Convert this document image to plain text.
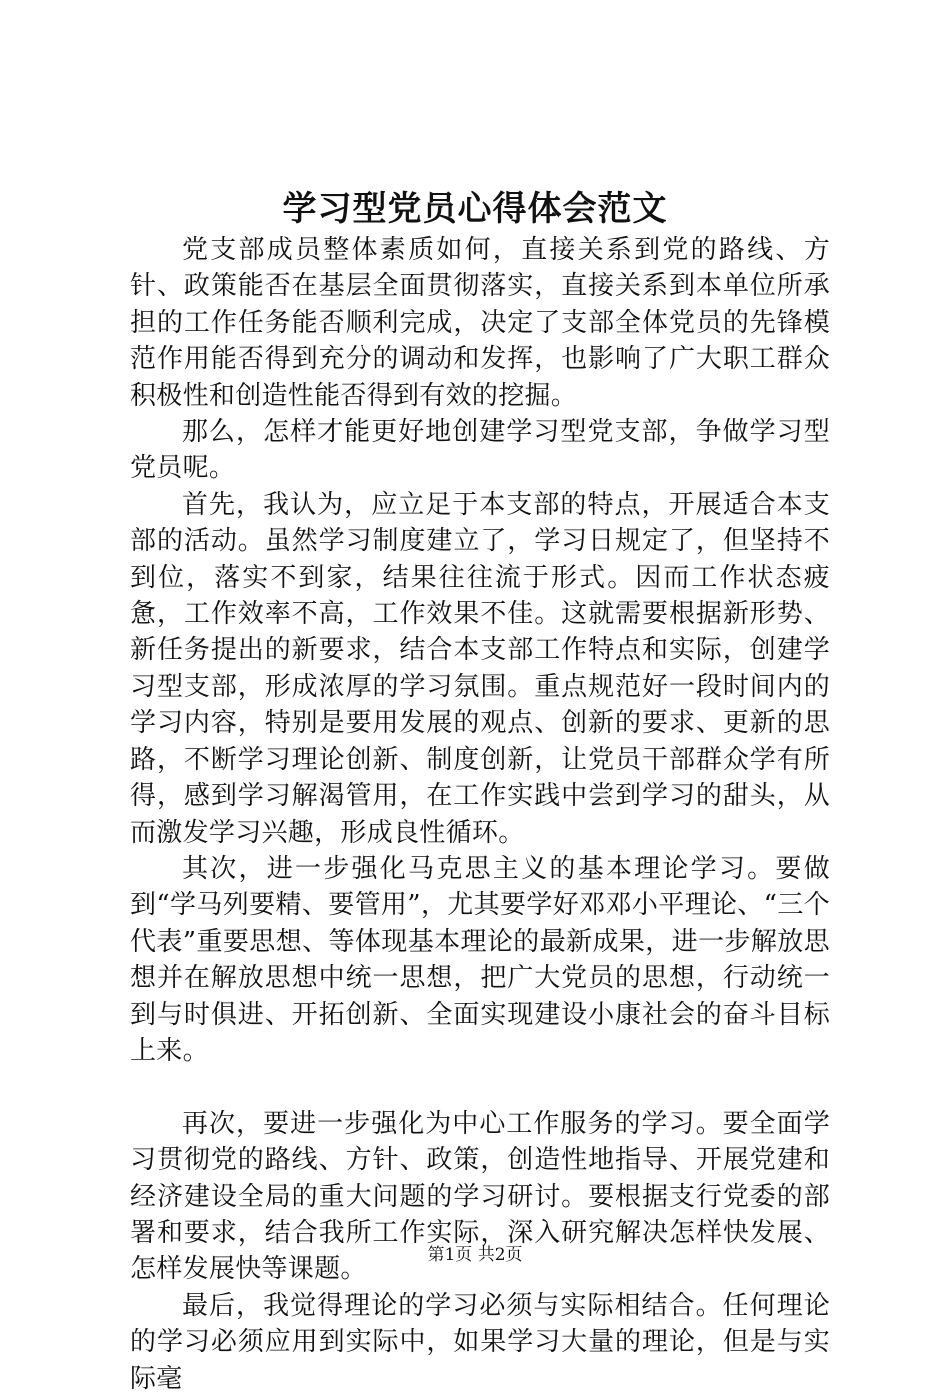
学习型党员心得体会范文

党支部成员整体素质如何，直接关系到党的路线、方针、政策能否在基层全面贯彻落实，直接关系到本单位所承担的工作任务能否顺利完成，决定了支部全体党员的先锋模范作用能否得到充分的调动和发挥，也影响了广大职工群众积极性和创造性能否得到有效的挖掘。

那么，怎样才能更好地创建学习型党支部，争做学习型党员呢。

首先，我认为，应立足于本支部的特点，开展适合本支部的活动。虽然学习制度建立了，学习日规定了，但坚持不到位，落实不到家，结果往往流于形式。因而工作状态疲惫，工作效率不高，工作效果不佳。这就需要根据新形势、新任务提出的新要求，结合本支部工作特点和实际，创建学习型支部，形成浓厚的学习氛围。重点规范好一段时间内的学习内容，特别是要用发展的观点、创新的要求、更新的思路，不断学习理论创新、制度创新，让党员干部群众学有所得，感到学习解渴管用，在工作实践中尝到学习的甜头，从而激发学习兴趣，形成良性循环。

其次，进一步强化马克思主义的基本理论学习。要做到“学马列要精、要管用”，尤其要学好邓邓小平理论、“三个代表”重要思想、等体现基本理论的最新成果，进一步解放思想并在解放思想中统一思想，把广大党员的思想，行动统一到与时俱进、开拓创新、全面实现建设小康社会的奋斗目标上来。

再次，要进一步强化为中心工作服务的学习。要全面学习贯彻党的路线、方针、政策，创造性地指导、开展党建和经济建设全局的重大问题的学习研讨。要根据支行党委的部署和要求，结合我所工作实际，深入研究解决怎样快发展、怎样发展快等课题。

最后，我觉得理论的学习必须与实际相结合。任何理论的学习必须应用到实际中，如果学习大量的理论，但是与实际毫

第1页 共2页
